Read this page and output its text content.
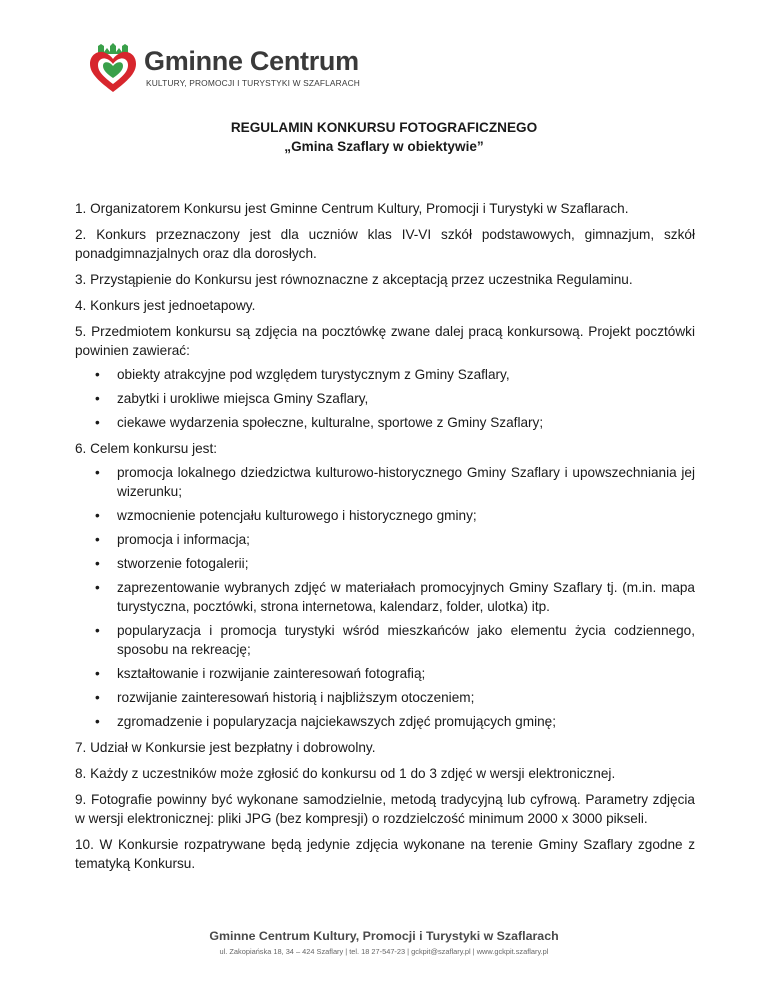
Gminne Centrum
KULTURY, PROMOCJI I TURYSTYKI W SZAFLARACH
REGULAMIN KONKURSU FOTOGRAFICZNEGO
„Gmina Szaflary w obiektywie”

1. Organizatorem Konkursu jest Gminne Centrum Kultury, Promocji i Turystyki w Szaflarach.

2. Konkurs przeznaczony jest dla uczniów klas IV-VI szkół podstawowych, gimnazjum, szkół ponadgimnazjalnych oraz dla dorosłych.

3. Przystąpienie do Konkursu jest równoznaczne z akceptacją przez uczestnika Regulaminu.

4. Konkurs jest jednoetapowy.

5. Przedmiotem konkursu są zdjęcia na pocztówkę zwane dalej pracą konkursową. Projekt pocztówki powinien zawierać:

• obiekty atrakcyjne pod względem turystycznym z Gminy Szaflary,
• zabytki i urokliwe miejsca Gminy Szaflary,
• ciekawe wydarzenia społeczne, kulturalne, sportowe z Gminy Szaflary;

6. Celem konkursu jest:

• promocja lokalnego dziedzictwa kulturowo-historycznego Gminy Szaflary i upowszechniania jej wizerunku;
• wzmocnienie potencjału kulturowego i historycznego gminy;
• promocja i informacja;
• stworzenie fotogalerii;
• zaprezentowanie wybranych zdjęć w materiałach promocyjnych Gminy Szaflary tj. (m.in. mapa turystyczna, pocztówki, strona internetowa, kalendarz, folder, ulotka) itp.
• popularyzacja i promocja turystyki wśród mieszkańców jako elementu życia codziennego, sposobu na rekreację;
• kształtowanie i rozwijanie zainteresowań fotografią;
• rozwijanie zainteresowań historią i najbliższym otoczeniem;
• zgromadzenie i popularyzacja najciekawszych zdjęć promujących gminę;

7. Udział w Konkursie jest bezpłatny i dobrowolny.

8. Każdy z uczestników może zgłosić do konkursu od 1 do 3 zdjęć w wersji elektronicznej.

9. Fotografie powinny być wykonane samodzielnie, metodą tradycyjną lub cyfrową. Parametry zdjęcia w wersji elektronicznej: pliki JPG (bez kompresji) o rozdzielczość minimum 2000 x 3000 pikseli.

10. W Konkursie rozpatrywane będą jedynie zdjęcia wykonane na terenie Gminy Szaflary zgodne z tematyką Konkursu.

Gminne Centrum Kultury, Promocji i Turystyki w Szaflarach
ul. Zakopiańska 18, 34 – 424 Szaflary | tel. 18 27-547-23 | gckpit@szaflary.pl | www.gckpit.szaflary.pl
